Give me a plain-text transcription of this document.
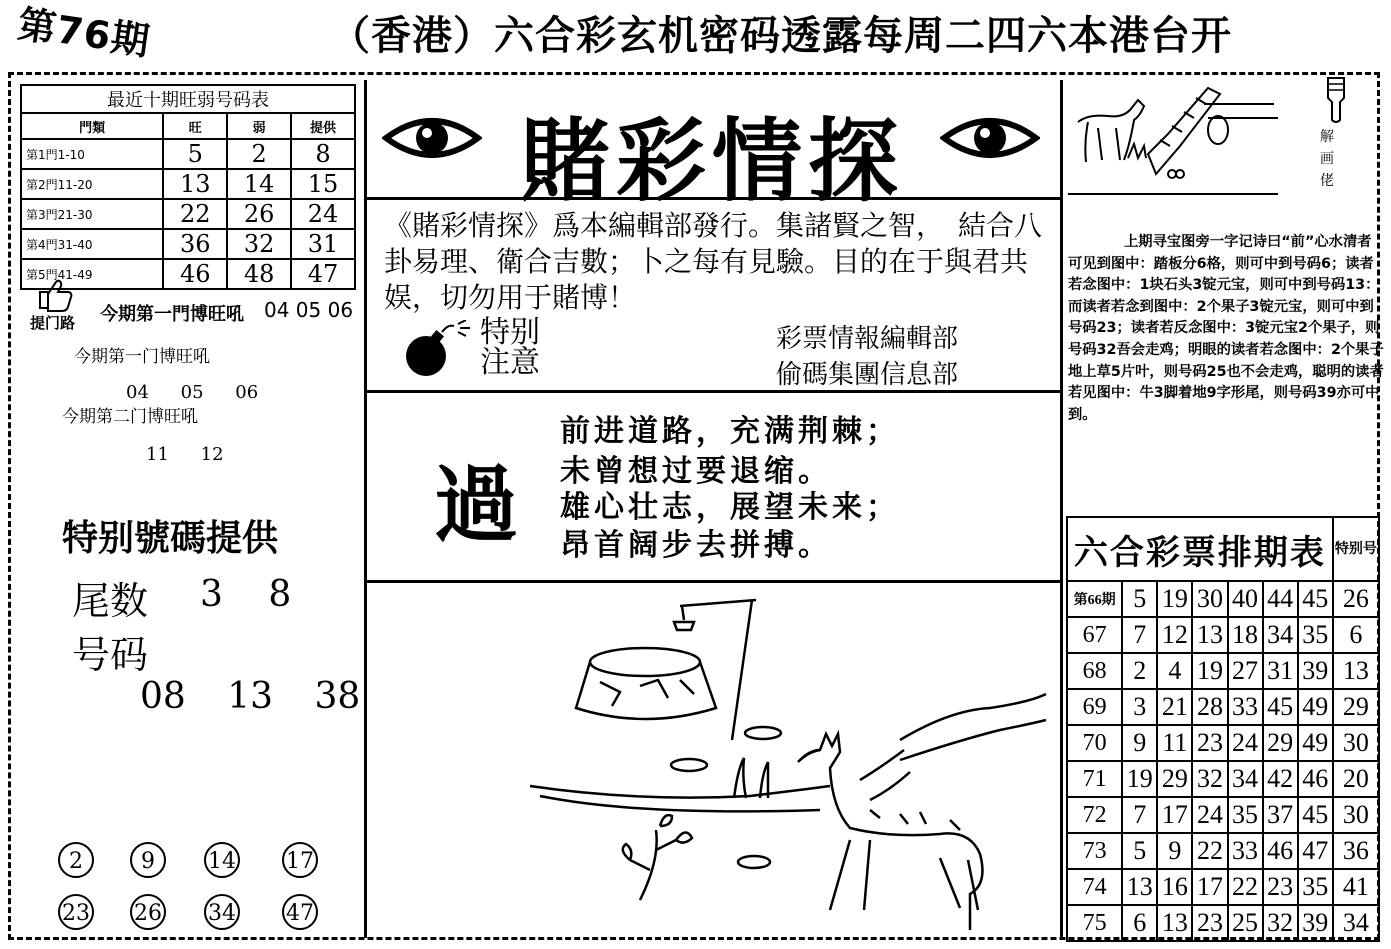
第76期	（香港）六合彩玄机密码透露每周二四六本港台开
最近十期旺弱号码表			
門類	旺	弱	提供
第1門1-10	5	2	8
第2門11-20	13	14	15
第3門21-30	22	26	24
第4門31-40	36	32	31
第5門41-49	46	48	47
提门路 今期第一門博旺吼 04 05 06
今期第一门博旺吼
04 05 06
今期第二门博旺吼
11 12
特别號碼提供
尾数 3 8
号码
08 13 38
2	9	14 17
23 26 34 47
賭彩情探
《賭彩情探》爲本編輯部發行。集諸賢之智，　結合八卦易理、衛合吉數；卜之每有見驗。目的在于與君共娱，切勿用于賭博！
特别
注意
彩票情報編輯部
偷碼集團信息部
過
前进道路，充满荆棘；
未曾想过要退缩。
雄心壮志，展望未来；
昂首阔步去拼搏。
解
画
佬
上期寻宝图旁一字记诗曰“前”心水清者可见到图中：踏板分6格，则可中到号码6；读者若念图中：1块石头3锭元宝，则可中到号码13：而读者若念到图中：2个果子3锭元宝，则可中到号码23；读者若反念图中：3锭元宝2个果子，则号码32吾会走鸡；明眼的读者若念图中：2个果子地上草5片叶，则号码25也不会走鸡，聪明的读者若见图中：牛3脚着地9字形尾，则号码39亦可中到。
六合彩票排期表							特别号
第66期	5	19	30	40	44	45	26
67	7	12	13	18	34	35	6
68	2	4	19	27	31	39	13
69	3	21	28	33	45	49	29
70	9	11	23	24	29	49	30
71	19	29	32	34	42	46	20
72	7	17	24	35	37	45	30
73	5	9	22	33	46	47	36
74	13	16	17	22	23	35	41
75	6	13	23	25	32	39	34
